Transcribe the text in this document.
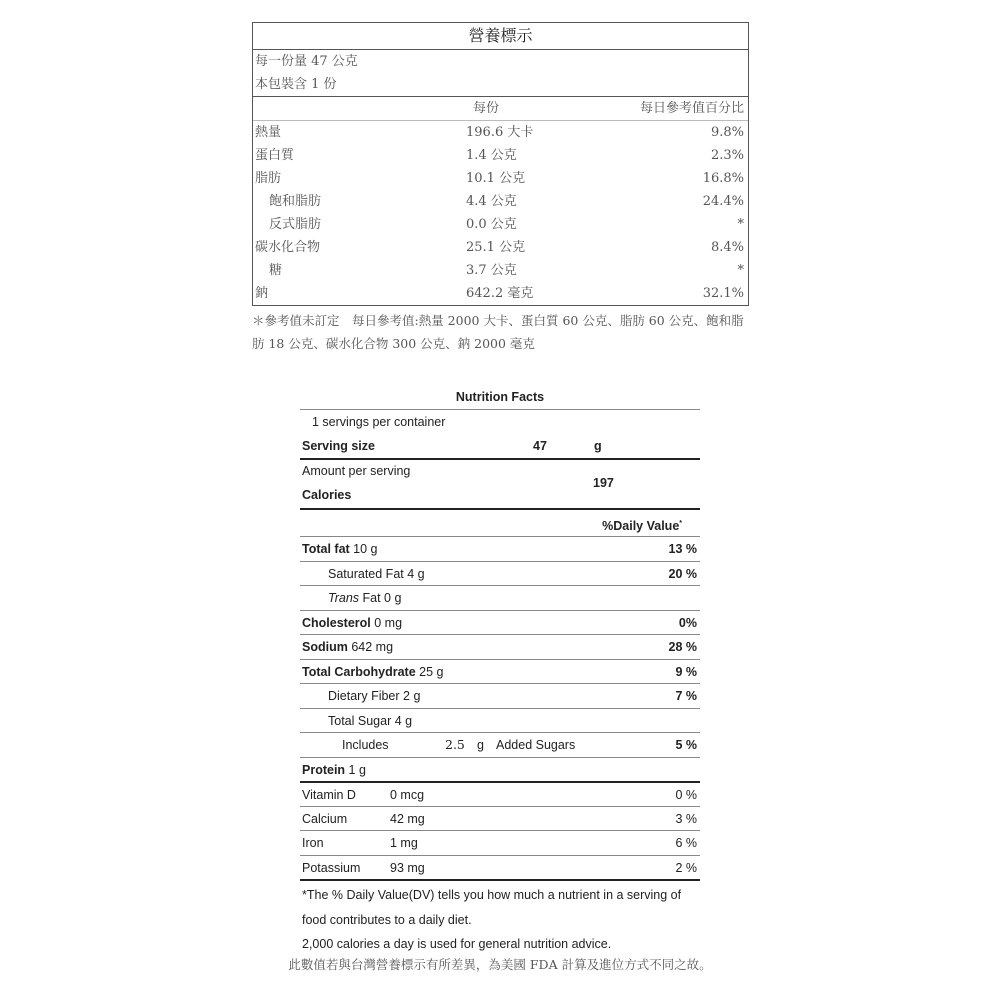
營養標示
每一份量 47 公克
本包裝含 1 份
每份	每日參考值百分比
熱量	196.6 大卡	9.8%
蛋白質	1.4 公克	2.3%
脂肪	10.1 公克	16.8%
飽和脂肪	4.4 公克	24.4%
反式脂肪	0.0 公克	*
碳水化合物	25.1 公克	8.4%
糖	3.7 公克	*
鈉	642.2 毫克	32.1%
＊參考值未訂定　每日參考值:熱量 2000 大卡、蛋白質 60 公克、脂肪 60 公克、飽和脂
肪 18 公克、碳水化合物 300 公克、鈉 2000 毫克
Nutrition Facts
1 servings per container
Serving size	47	g
Amount per serving
Calories
197
%Daily Value*
Total fat 10 g	13 %
Saturated Fat 4 g	20 %
Trans Fat 0 g
Cholesterol 0 mg	0%
Sodium 642 mg	28 %
Total Carbohydrate 25 g	9 %
Dietary Fiber 2 g	7 %
Total Sugar 4 g
Includes	2.5 g Added Sugars	5 %
Protein 1 g
Vitamin D	0 mcg	0 %
Calcium	42 mg	3 %
Iron	1 mg	6 %
Potassium 93 mg	2 %
*The % Daily Value(DV) tells you how much a nutrient in a serving of
food contributes to a daily diet.
2,000 calories a day is used for general nutrition advice.
此數值若與台灣營養標示有所差異，為美國 FDA 計算及進位方式不同之故。
